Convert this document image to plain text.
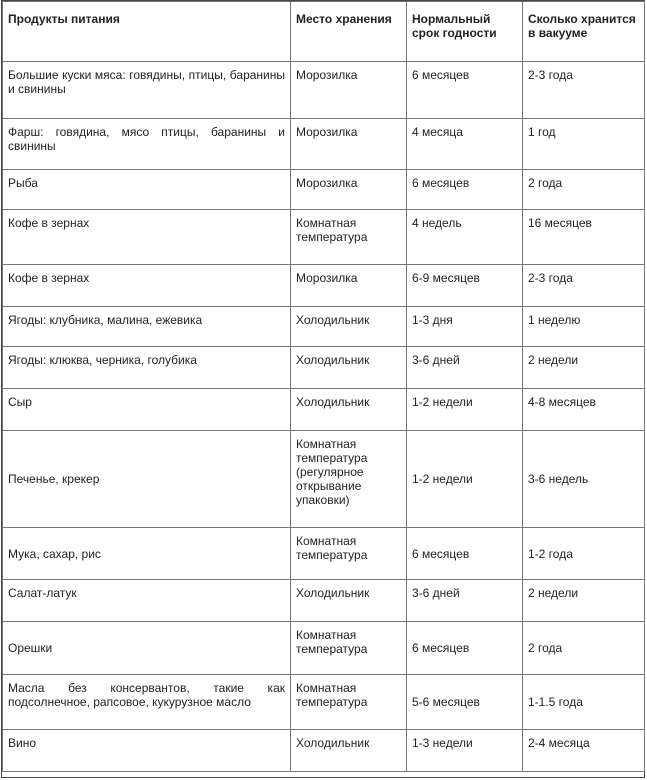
Продукты питания	Место хранения	Нормальный срок годности	Сколько хранится в вакууме
Большие куски мяса: говядины, птицы, баранины и свинины	Морозилка	6 месяцев	2-3 года
Фарш: говядина, мясо птицы, баранины и свинины	Морозилка	4 месяца	1 год
Рыба	Морозилка	6 месяцев	2 года
Кофе в зернах	Комнатная температура	4 недель	16 месяцев
Кофе в зернах	Морозилка	6-9 месяцев	2-3 года
Ягоды: клубника, малина, ежевика	Холодильник	1-3 дня	1 неделю
Ягоды: клюква, черника, голубика	Холодильник	3-6 дней	2 недели
Сыр	Холодильник	1-2 недели	4-8 месяцев
Печенье, крекер	Комнатная температура (регулярное открывание упаковки)	1-2 недели	3-6 недель
Мука, сахар, рис	Комнатная температура	6 месяцев	1-2 года
Салат-латук	Холодильник	3-6 дней	2 недели
Орешки	Комнатная температура	6 месяцев	2 года
Масла без консервантов, такие как подсолнечное, рапсовое, кукурузное масло	Комнатная температура	5-6 месяцев	1-1.5 года
Вино	Холодильник	1-3 недели	2-4 месяца
